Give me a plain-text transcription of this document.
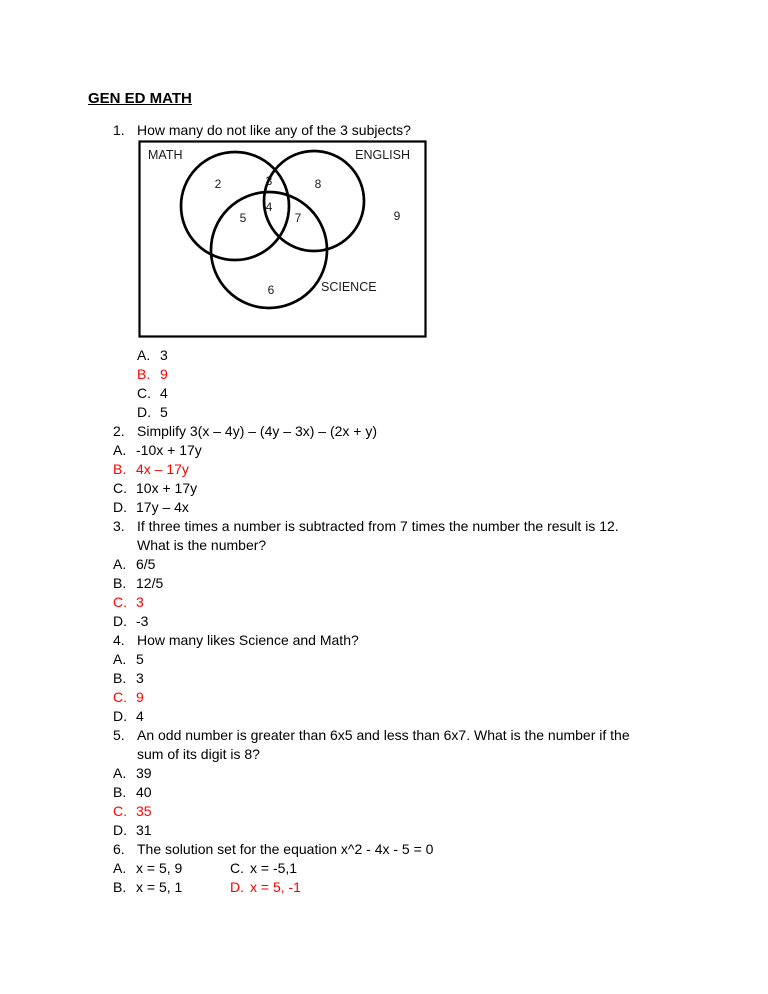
GEN ED MATH
1. How many do not like any of the 3 subjects?
MATH	ENGLISH
SCIENCE
2	3	8
5
4
7
6
9
A. 3
B. 9
C. 4
D. 5
2. Simplify 3(x – 4y) – (4y – 3x) – (2x + y)
A. -10x + 17y
B. 4x – 17y
C. 10x + 17y
D. 17y – 4x
3. If three times a number is subtracted from 7 times the number the result is 12.
What is the number?
A. 6/5
B. 12/5
C. 3
D. -3
4. How many likes Science and Math?
A. 5
B. 3
C. 9
D. 4
5. An odd number is greater than 6x5 and less than 6x7. What is the number if the
sum of its digit is 8?
A. 39
B. 40
C. 35
D. 31
6. The solution set for the equation x^2 - 4x - 5 = 0
A. x = 5, 9	C. x = -5,1
B. x = 5, 1	D. x = 5, -1
